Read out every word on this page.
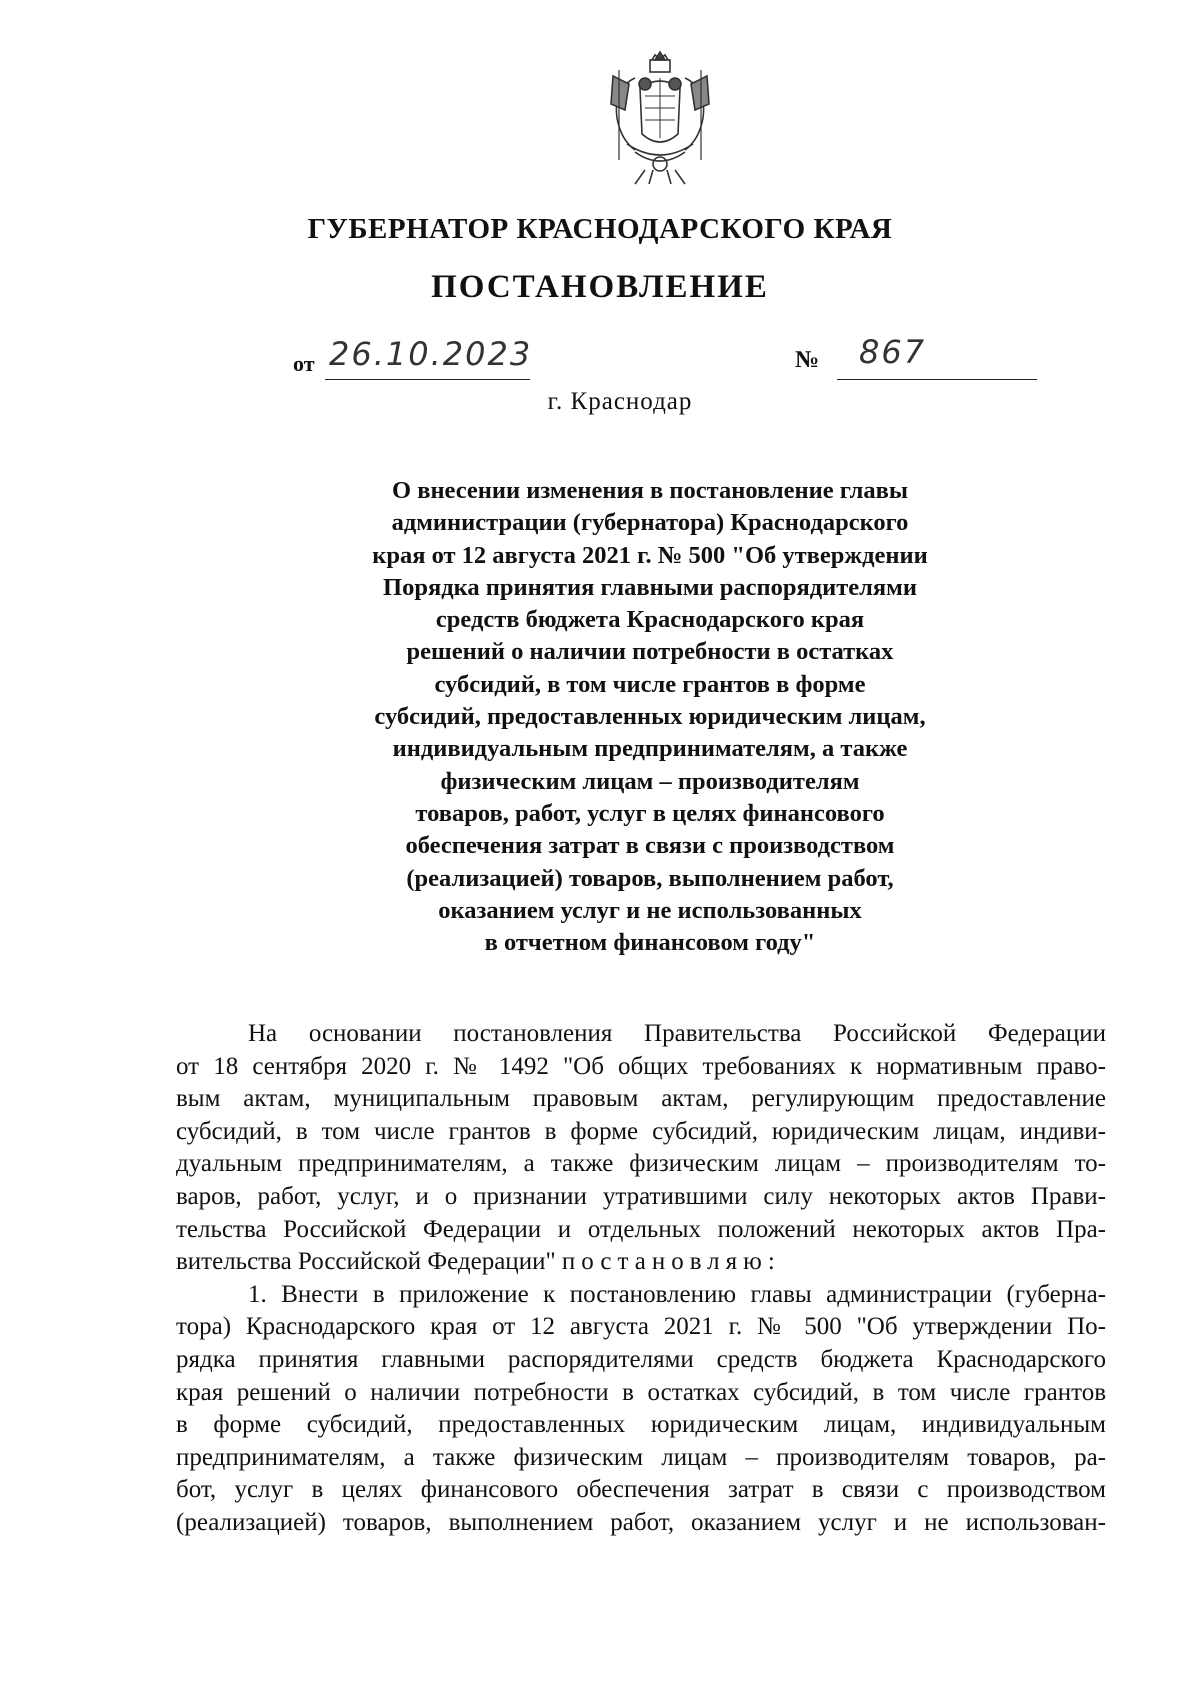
ГУБЕРНАТОР КРАСНОДАРСКОГО КРАЯ
ПОСТАНОВЛЕНИЕ
от 26.10.2023	№ 867
г. Краснодар
О внесении изменения в постановление главы
администрации (губернатора) Краснодарского
края от 12 августа 2021 г. № 500 "Об утверждении
Порядка принятия главными распорядителями
средств бюджета Краснодарского края
решений о наличии потребности в остатках
субсидий, в том числе грантов в форме
субсидий, предоставленных юридическим лицам,
индивидуальным предпринимателям, а также
физическим лицам – производителям
товаров, работ, услуг в целях финансового
обеспечения затрат в связи с производством
(реализацией) товаров, выполнением работ,
оказанием услуг и не использованных
в отчетном финансовом году"
На основании постановления Правительства Российской Федерации
от 18 сентября 2020 г. № 1492 "Об общих требованиях к нормативным право-
вым актам, муниципальным правовым актам, регулирующим предоставление
субсидий, в том числе грантов в форме субсидий, юридическим лицам, индиви-
дуальным предпринимателям, а также физическим лицам – производителям то-
варов, работ, услуг, и о признании утратившими силу некоторых актов Прави-
тельства Российской Федерации и отдельных положений некоторых актов Пра-
вительства Российской Федерации" постановляю:
1. Внести в приложение к постановлению главы администрации (губерна-
тора) Краснодарского края от 12 августа 2021 г. № 500 "Об утверждении По-
рядка принятия главными распорядителями средств бюджета Краснодарского
края решений о наличии потребности в остатках субсидий, в том числе грантов
в форме субсидий, предоставленных юридическим лицам, индивидуальным
предпринимателям, а также физическим лицам – производителям товаров, ра-
бот, услуг в целях финансового обеспечения затрат в связи с производством
(реализацией) товаров, выполнением работ, оказанием услуг и не использован-
